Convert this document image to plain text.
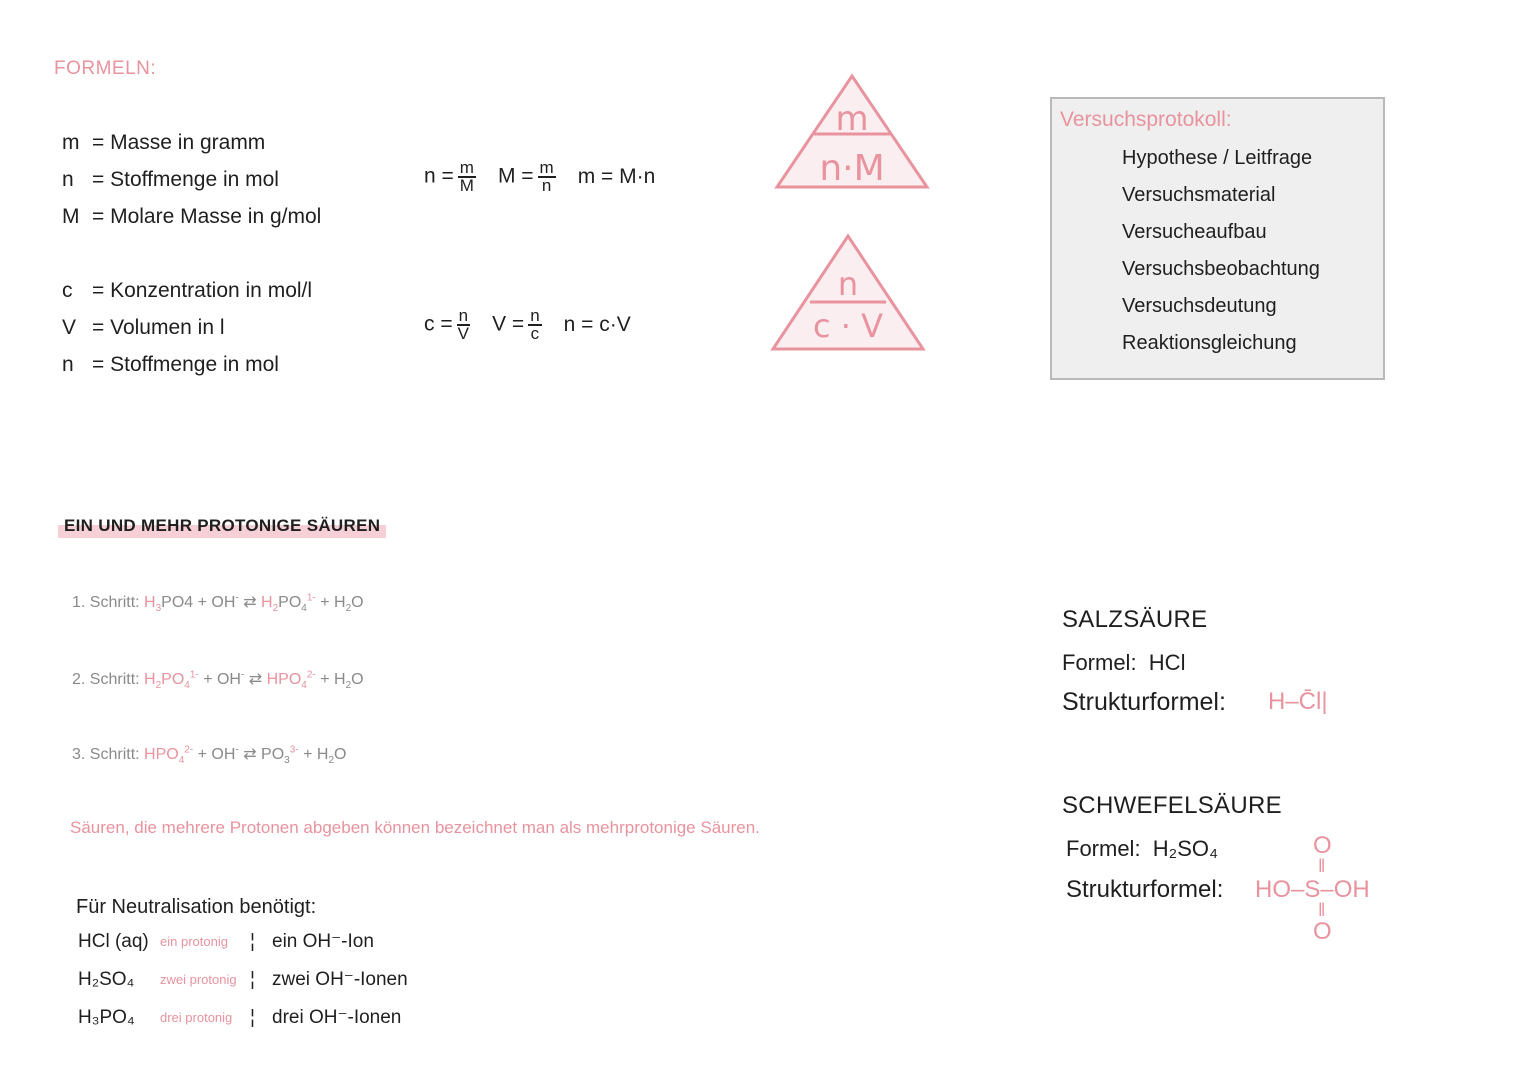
FORMELN:
m = Masse in gramm
n = Stoffmenge in mol
M = Molare Masse in g/mol
c = Konzentration in mol/l
V = Volumen in l
n = Stoffmenge in mol
$n = \frac{m}{M}$ $M = \frac{m}{n}$ m = M·n
$c = \frac{n}{V}$ $V = \frac{n}{c}$ n = c·V
m
n·M
n
c · V
Versuchsprotokoll:
Hypothese / Leitfrage
Versuchsmaterial
Versucheaufbau
Versuchsbeobachtung
Versuchsdeutung
Reaktionsgleichung
EIN UND MEHR PROTONIGE SÄUREN
1. Schritt: $H_3PO4 + OH^-$ ⇄ $H_2PO_4^{1-} + H_2O$
2. Schritt: $H_2PO_4^{1-} + OH^-$ ⇄ $HPO_4^{2-} + H_2O$
3. Schritt: $HPO_4^{2-} + OH^-$ ⇄ $PO_3^{3-} + H_2O$
Säuren, die mehrere Protonen abgeben können bezeichnet man als mehrprotonige Säuren.
Für Neutralisation benötigt:
HCl (aq) ein protonig	¦ ein OH⁻-Ion
H₂SO₄	zwei protonig ¦ zwei OH⁻-Ionen
H₃PO₄	drei protonig ¦ drei OH⁻-Ionen
SALZSÄURE
Formel: HCl
Strukturformel: H–C̄l|
SCHWEFELSÄURE
Formel: H₂SO₄
Strukturformel:
O
‖
HO–S–OH
‖
O
